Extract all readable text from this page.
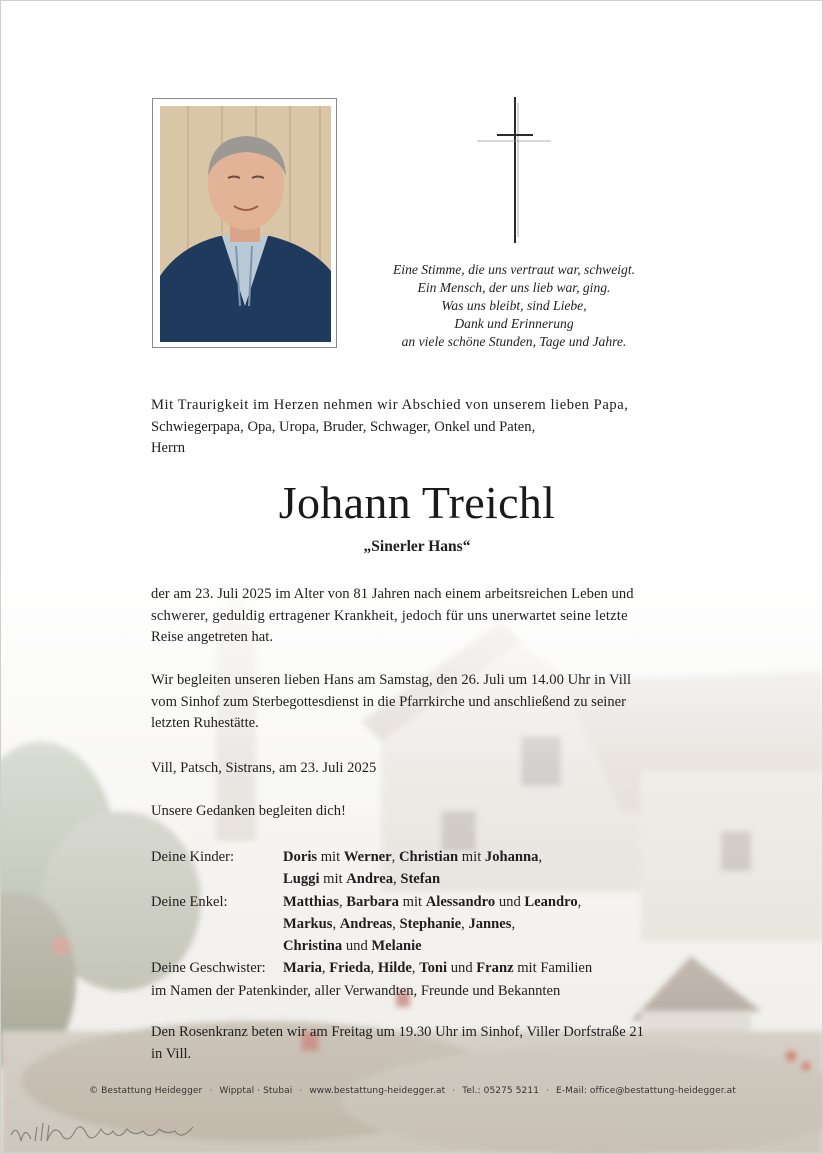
Eine Stimme, die uns vertraut war, schweigt.
Ein Mensch, der uns lieb war, ging.
Was uns bleibt, sind Liebe,
Dank und Erinnerung
an viele schöne Stunden, Tage und Jahre.
Mit Traurigkeit im Herzen nehmen wir Abschied von unserem lieben Papa,
Schwiegerpapa, Opa, Uropa, Bruder, Schwager, Onkel und Paten,
Herrn
Johann Treichl
„Sinerler Hans“
der am 23. Juli 2025 im Alter von 81 Jahren nach einem arbeitsreichen Leben und
schwerer, geduldig ertragener Krankheit, jedoch für uns unerwartet seine letzte
Reise angetreten hat.
Wir begleiten unseren lieben Hans am Samstag, den 26. Juli um 14.00 Uhr in Vill
vom Sinhof zum Sterbegottesdienst in die Pfarrkirche und anschließend zu seiner
letzten Ruhestätte.
Vill, Patsch, Sistrans, am 23. Juli 2025
Unsere Gedanken begleiten dich!
Deine Kinder:	Doris mit Werner, Christian mit Johanna,
Luggi mit Andrea, Stefan
Deine Enkel:	Matthias, Barbara mit Alessandro und Leandro,
Markus, Andreas, Stephanie, Jannes,
Christina und Melanie
Deine Geschwister:	Maria, Frieda, Hilde, Toni und Franz mit Familien
im Namen der Patenkinder, aller Verwandten, Freunde und Bekannten
Den Rosenkranz beten wir am Freitag um 19.30 Uhr im Sinhof, Viller Dorfstraße 21
in Vill.
© Bestattung Heidegger · Wipptal · Stubai · www.bestattung-heidegger.at · Tel.: 05275 5211 · E-Mail: office@bestattung-heidegger.at
